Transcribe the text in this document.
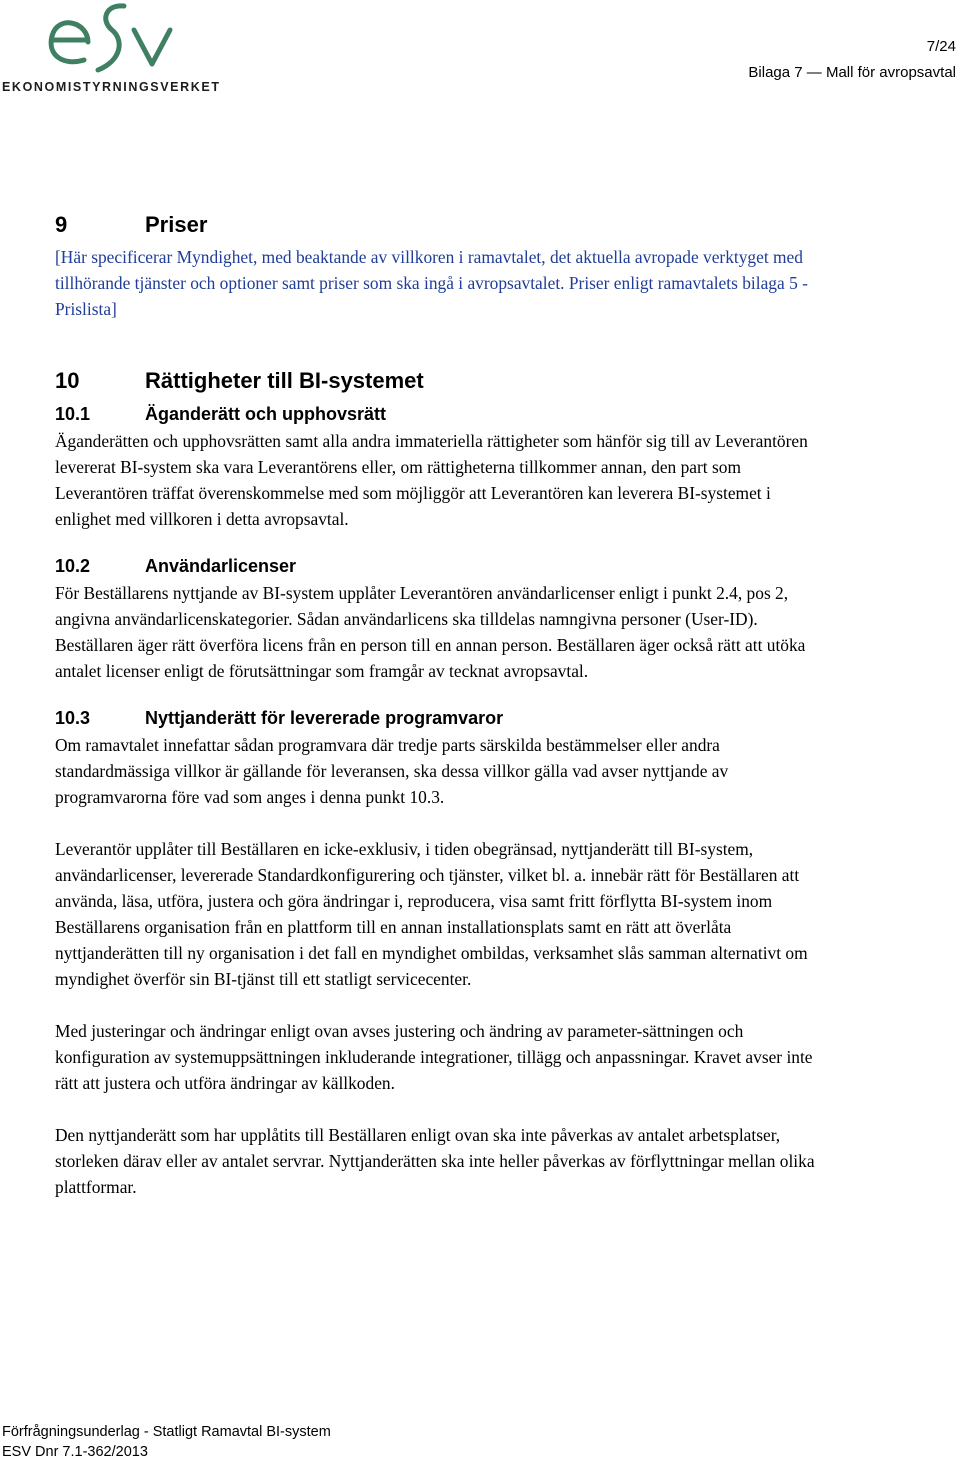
EKONOMISTYRNINGSVERKET
7/24
Bilaga 7 — Mall för avropsavtal
9	Priser

[Här specificerar Myndighet, med beaktande av villkoren i ramavtalet, det aktuella avropade verktyget med tillhörande tjänster och optioner samt priser som ska ingå i avropsavtalet. Priser enligt ramavtalets bilaga 5 - Prislista]

10	Rättigheter till BI-systemet
10.1	Äganderätt och upphovsrätt

Äganderätten och upphovsrätten samt alla andra immateriella rättigheter som hänför sig till av Leverantören levererat BI-system ska vara Leverantörens eller, om rättigheterna tillkommer annan, den part som Leverantören träffat överenskommelse med som möjliggör att Leverantören kan leverera BI-systemet i enlighet med villkoren i detta avropsavtal.

10.2	Användarlicenser

För Beställarens nyttjande av BI-system upplåter Leverantören användarlicenser enligt i punkt 2.4, pos 2, angivna användarlicenskategorier. Sådan användarlicens ska tilldelas namngivna personer (User-ID). Beställaren äger rätt överföra licens från en person till en annan person. Beställaren äger också rätt att utöka antalet licenser enligt de förutsättningar som framgår av tecknat avropsavtal.

10.3	Nyttjanderätt för levererade programvaror

Om ramavtalet innefattar sådan programvara där tredje parts särskilda bestämmelser eller andra standardmässiga villkor är gällande för leveransen, ska dessa villkor gälla vad avser nyttjande av programvarorna före vad som anges i denna punkt 10.3.

Leverantör upplåter till Beställaren en icke-exklusiv, i tiden obegränsad, nyttjanderätt till BI-system, användarlicenser, levererade Standardkonfigurering och tjänster, vilket bl. a. innebär rätt för Beställaren att använda, läsa, utföra, justera och göra ändringar i, reproducera, visa samt fritt förflytta BI-system inom Beställarens organisation från en plattform till en annan installationsplats samt en rätt att överlåta nyttjanderätten till ny organisation i det fall en myndighet ombildas, verksamhet slås samman alternativt om myndighet överför sin BI-tjänst till ett statligt servicecenter.

Med justeringar och ändringar enligt ovan avses justering och ändring av parameter-sättningen och konfiguration av systemuppsättningen inkluderande integrationer, tillägg och anpassningar. Kravet avser inte rätt att justera och utföra ändringar av källkoden.

Den nyttjanderätt som har upplåtits till Beställaren enligt ovan ska inte påverkas av antalet arbetsplatser, storleken därav eller av antalet servrar. Nyttjanderätten ska inte heller påverkas av förflyttningar mellan olika plattformar.

Förfrågningsunderlag - Statligt Ramavtal BI-system
ESV Dnr 7.1-362/2013
